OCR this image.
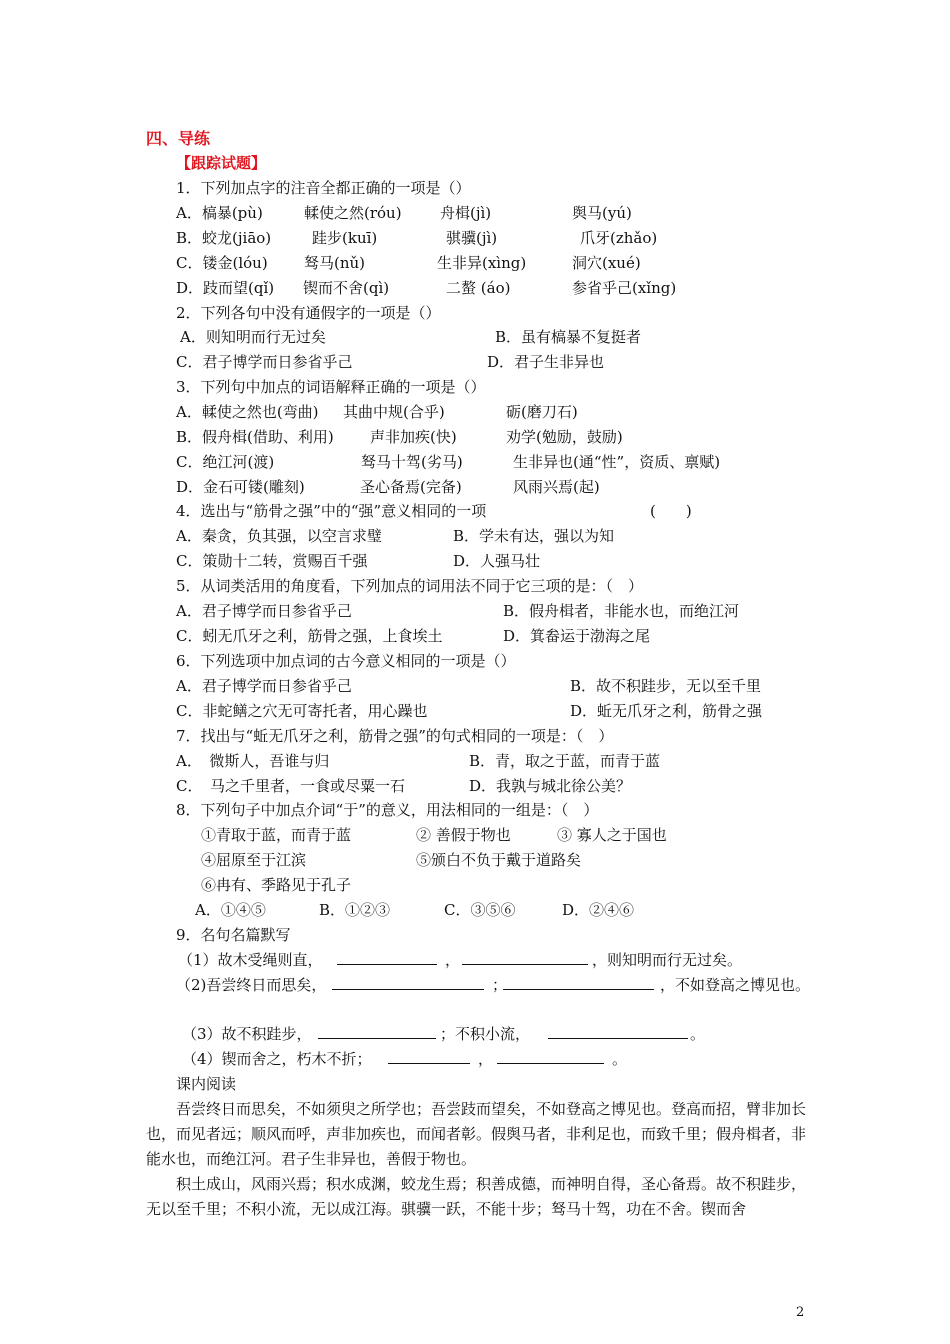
四、导练
【跟踪试题】
1．下列加点字的注音全都正确的一项是（）
A．槁暴(pù)	輮使之然(róu)	舟楫(jì)	舆马(yú)
B．蛟龙(jiāo)	跬步(kuī)	骐骥(jì)	爪牙(zhǎo)
C．镂金(lóu) 驽马(nǔ)	生非异(xìng)	洞穴(xué)
D．跂而望(qǐ) 锲而不舍(qì)	二螯 (áo)	参省乎己(xǐng)
2．下列各句中没有通假字的一项是（）
A．则知明而行无过矣	B．虽有槁暴不复挺者
C．君子博学而日参省乎己	D．君子生非异也
3．下列句中加点的词语解释正确的一项是（）
A．輮使之然也(弯曲) 其曲中规(合乎)	砺(磨刀石)
B．假舟楫(借助、利用) 声非加疾(快)	劝学(勉励，鼓励)
C．绝江河(渡)	驽马十驾(劣马)	生非异也(通“性”，资质、禀赋)
D．金石可镂(雕刻)	圣心备焉(完备)	风雨兴焉(起)
4．选出与“筋骨之强”中的“强”意义相同的一项	(　　)
A．秦贪，负其强，以空言求璧	B．学未有达，强以为知
C．策勋十二转，赏赐百千强	D．人强马壮
5．从词类活用的角度看，下列加点的词用法不同于它三项的是：（　）
A．君子博学而日参省乎己	B．假舟楫者，非能水也，而绝江河
C．蚓无爪牙之利，筋骨之强，上食埃土	D．箕畚运于渤海之尾
6．下列选项中加点词的古今意义相同的一项是（）
A．君子博学而日参省乎己	B．故不积跬步，无以至千里
C．非蛇鳝之穴无可寄托者，用心躁也	D．蚯无爪牙之利，筋骨之强
7．找出与“蚯无爪牙之利，筋骨之强”的句式相同的一项是：（　）
A．　微斯人，吾谁与归	B．青，取之于蓝，而青于蓝
C．　马之千里者，一食或尽粟一石	D．我孰与城北徐公美？
8．下列句子中加点介词“于”的意义，用法相同的一组是：（　）
①青取于蓝，而青于蓝	② 善假于物也	③ 寡人之于国也
④屈原至于江滨	⑤颁白不负于戴于道路矣
⑥冉有、季路见于孔子
A．①④⑤	B．①②③	C．③⑤⑥	D．②④⑥
9．名句名篇默写
（1）故木受绳则直，	，	，则知明而行无过矣。
（2)吾尝终日而思矣，	；	，不如登高之博见也。
（3）故不积跬步，	；不积小流，	。
（4）锲而舍之，朽木不折；	，	。
课内阅读

吾尝终日而思矣，不如须臾之所学也；吾尝跂而望矣，不如登高之博见也。登高而招，臂非加长也，而见者远；顺风而呼，声非加疾也，而闻者彰。假舆马者，非利足也，而致千里；假舟楫者，非能水也，而绝江河。君子生非异也，善假于物也。

积土成山，风雨兴焉；积水成渊，蛟龙生焉；积善成德，而神明自得，圣心备焉。故不积跬步，无以至千里；不积小流，无以成江海。骐骥一跃，不能十步；驽马十驾，功在不舍。锲而舍

2
